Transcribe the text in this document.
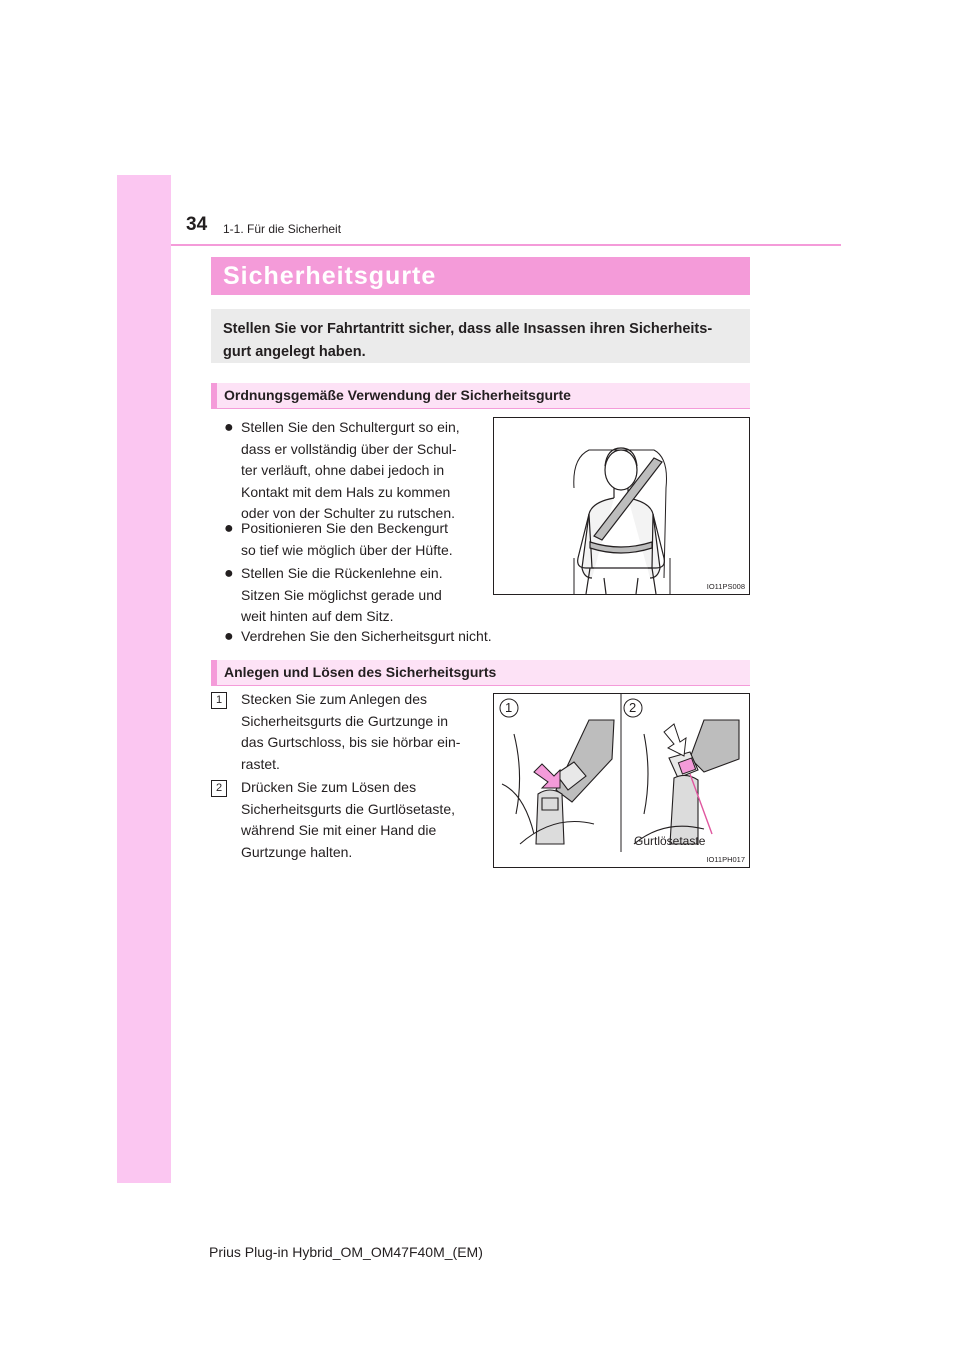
34 1-1. Für die Sicherheit
Sicherheitsgurte
Stellen Sie vor Fahrtantritt sicher, dass alle Insassen ihren Sicherheits-
gurt angelegt haben.
Ordnungsgemäße Verwendung der Sicherheitsgurte
● Stellen Sie den Schultergurt so ein,
dass er vollständig über der Schul-
ter verläuft, ohne dabei jedoch in
Kontakt mit dem Hals zu kommen
oder von der Schulter zu rutschen.
● Positionieren Sie den Beckengurt
so tief wie möglich über der Hüfte.
● Stellen Sie die Rückenlehne ein.
Sitzen Sie möglichst gerade und
weit hinten auf dem Sitz.
● Verdrehen Sie den Sicherheitsgurt nicht.
IO11PS008
Anlegen und Lösen des Sicherheitsgurts
1	Stecken Sie zum Anlegen des
Sicherheitsgurts die Gurtzunge in
das Gurtschloss, bis sie hörbar ein-
rastet.
2	Drücken Sie zum Lösen des
Sicherheitsgurts die Gurtlösetaste,
während Sie mit einer Hand die
Gurtzunge halten.
1	2
Gurtlösetaste
IO11PH017
Prius Plug-in Hybrid_OM_OM47F40M_(EM)
